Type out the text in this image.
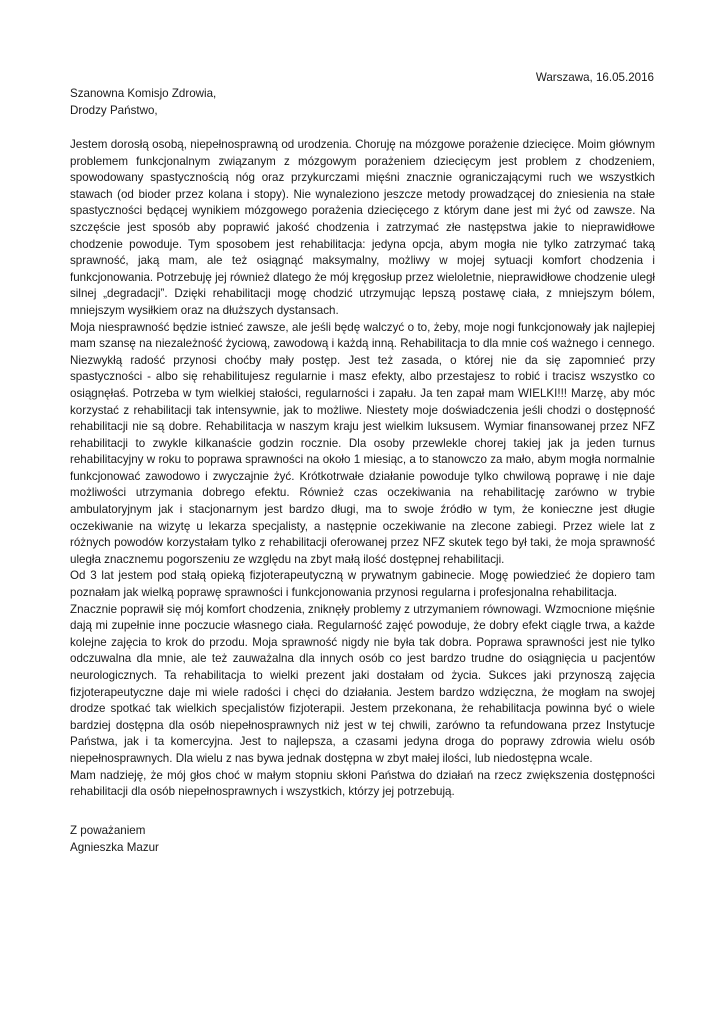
Warszawa, 16.05.2016
Szanowna Komisjo Zdrowia,
Drodzy Państwo,

Jestem dorosłą osobą, niepełnosprawną od urodzenia. Choruję na mózgowe porażenie dziecięce. Moim głównym problemem funkcjonalnym związanym z mózgowym porażeniem dziecięcym jest problem z chodzeniem, spowodowany spastycznością nóg oraz przykurczami mięśni znacznie ograniczającymi ruch we wszystkich stawach (od bioder przez kolana i stopy). Nie wynaleziono jeszcze metody prowadzącej do zniesienia na stałe spastyczności będącej wynikiem mózgowego porażenia dziecięcego z którym dane jest mi żyć od zawsze. Na szczęście jest sposób aby poprawić jakość chodzenia i zatrzymać złe następstwa jakie to nieprawidłowe chodzenie powoduje. Tym sposobem jest rehabilitacja: jedyna opcja, abym mogła nie tylko zatrzymać taką sprawność, jaką mam, ale też osiągnąć maksymalny, możliwy w mojej sytuacji komfort chodzenia i funkcjonowania. Potrzebuję jej również dlatego że mój kręgosłup przez wieloletnie, nieprawidłowe chodzenie uległ silnej „degradacji”. Dzięki rehabilitacji mogę chodzić utrzymując lepszą postawę ciała, z mniejszym bólem, mniejszym wysiłkiem oraz na dłuższych dystansach.

Moja niesprawność będzie istnieć zawsze, ale jeśli będę walczyć o to, żeby, moje nogi funkcjonowały jak najlepiej mam szansę na niezależność życiową, zawodową i każdą inną. Rehabilitacja to dla mnie coś ważnego i cennego. Niezwykłą radość przynosi choćby mały postęp. Jest też zasada, o której nie da się zapomnieć przy spastyczności - albo się rehabilitujesz regularnie i masz efekty, albo przestajesz to robić i tracisz wszystko co osiągnęłaś. Potrzeba w tym wielkiej stałości, regularności i zapału. Ja ten zapał mam WIELKI!!! Marzę, aby móc korzystać z rehabilitacji tak intensywnie, jak to możliwe. Niestety moje doświadczenia jeśli chodzi o dostępność rehabilitacji nie są dobre. Rehabilitacja w naszym kraju jest wielkim luksusem. Wymiar finansowanej przez NFZ rehabilitacji to zwykle kilkanaście godzin rocznie. Dla osoby przewlekle chorej takiej jak ja jeden turnus rehabilitacyjny w roku to poprawa sprawności na około 1 miesiąc, a to stanowczo za mało, abym mogła normalnie funkcjonować zawodowo i zwyczajnie żyć. Krótkotrwałe działanie powoduje tylko chwilową poprawę i nie daje możliwości utrzymania dobrego efektu. Również czas oczekiwania na rehabilitację zarówno w trybie ambulatoryjnym jak i stacjonarnym jest bardzo długi, ma to swoje źródło w tym, że konieczne jest długie oczekiwanie na wizytę u lekarza specjalisty, a następnie oczekiwanie na zlecone zabiegi. Przez wiele lat z różnych powodów korzystałam tylko z rehabilitacji oferowanej przez NFZ skutek tego był taki, że moja sprawność uległa znacznemu pogorszeniu ze względu na zbyt małą ilość dostępnej rehabilitacji.

Od 3 lat jestem pod stałą opieką fizjoterapeutyczną w prywatnym gabinecie. Mogę powiedzieć że dopiero tam poznałam jak wielką poprawę sprawności i funkcjonowania przynosi regularna i profesjonalna rehabilitacja.

Znacznie poprawił się mój komfort chodzenia, zniknęły problemy z utrzymaniem równowagi. Wzmocnione mięśnie dają mi zupełnie inne poczucie własnego ciała. Regularność zajęć powoduje, że dobry efekt ciągle trwa, a każde kolejne zajęcia to krok do przodu. Moja sprawność nigdy nie była tak dobra. Poprawa sprawności jest nie tylko odczuwalna dla mnie, ale też zauważalna dla innych osób co jest bardzo trudne do osiągnięcia u pacjentów neurologicznych. Ta rehabilitacja to wielki prezent jaki dostałam od życia. Sukces jaki przynoszą zajęcia fizjoterapeutyczne daje mi wiele radości i chęci do działania. Jestem bardzo wdzięczna, że mogłam na swojej drodze spotkać tak wielkich specjalistów fizjoterapii. Jestem przekonana, że rehabilitacja powinna być o wiele bardziej dostępna dla osób niepełnosprawnych niż jest w tej chwili, zarówno ta refundowana przez Instytucje Państwa, jak i ta komercyjna. Jest to najlepsza, a czasami jedyna droga do poprawy zdrowia wielu osób niepełnosprawnych. Dla wielu z nas bywa jednak dostępna w zbyt małej ilości, lub niedostępna wcale.

Mam nadzieję, że mój głos choć w małym stopniu skłoni Państwa do działań na rzecz zwiększenia dostępności rehabilitacji dla osób niepełnosprawnych i wszystkich, którzy jej potrzebują.

Z poważaniem
Agnieszka Mazur
